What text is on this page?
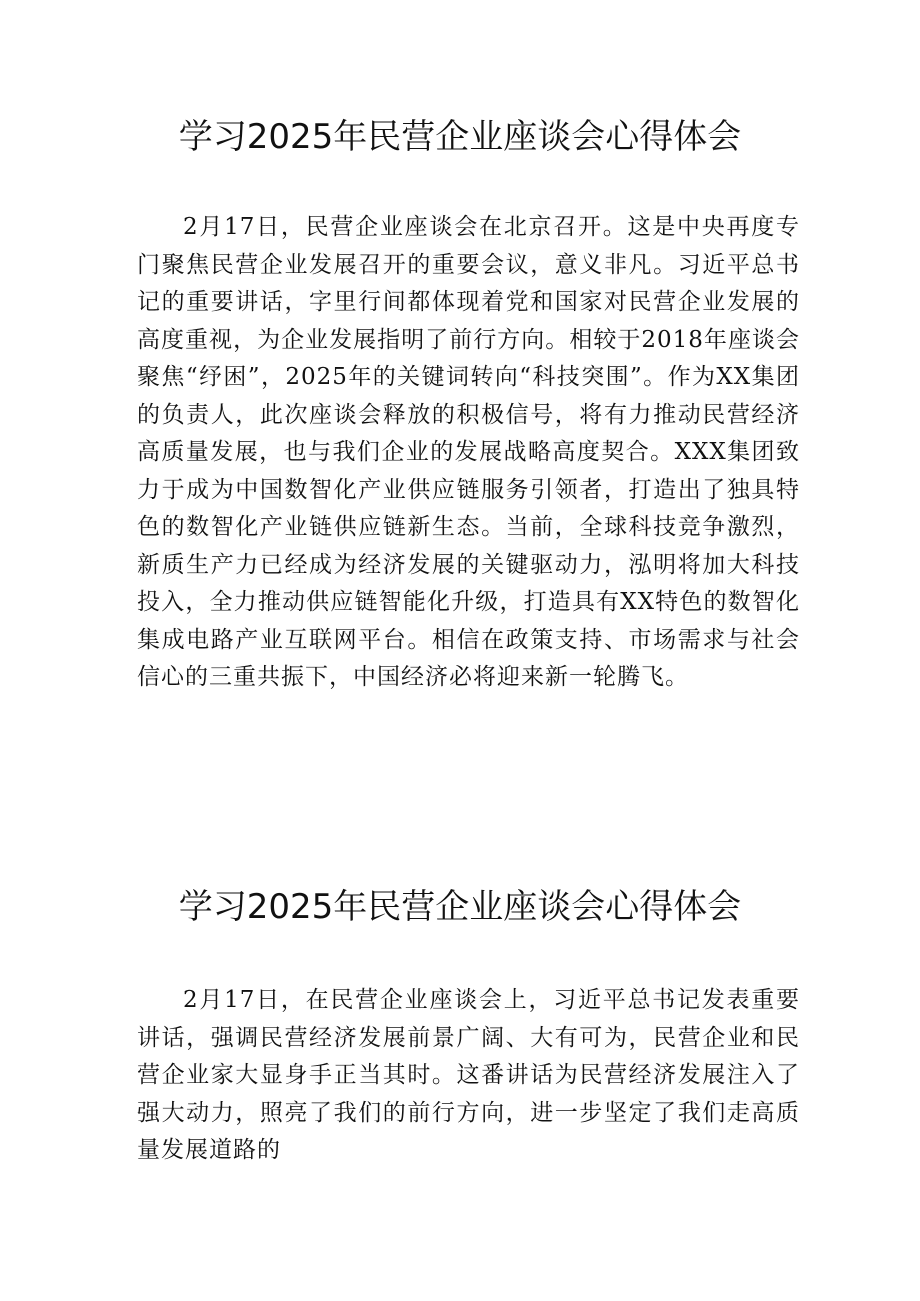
学习2025年民营企业座谈会心得体会

2月17日，民营企业座谈会在北京召开。这是中央再度专门聚焦民营企业发展召开的重要会议，意义非凡。习近平总书记的重要讲话，字里行间都体现着党和国家对民营企业发展的高度重视，为企业发展指明了前行方向。相较于2018年座谈会聚焦“纾困”，2025年的关键词转向“科技突围”。作为XX集团的负责人，此次座谈会释放的积极信号，将有力推动民营经济高质量发展，也与我们企业的发展战略高度契合。XXX集团致力于成为中国数智化产业供应链服务引领者，打造出了独具特色的数智化产业链供应链新生态。当前，全球科技竞争激烈，新质生产力已经成为经济发展的关键驱动力，泓明将加大科技投入，全力推动供应链智能化升级，打造具有XX特色的数智化集成电路产业互联网平台。相信在政策支持、市场需求与社会信心的三重共振下，中国经济必将迎来新一轮腾飞。

学习2025年民营企业座谈会心得体会

2月17日，在民营企业座谈会上，习近平总书记发表重要讲话，强调民营经济发展前景广阔、大有可为，民营企业和民营企业家大显身手正当其时。这番讲话为民营经济发展注入了强大动力，照亮了我们的前行方向，进一步坚定了我们走高质量发展道路的
